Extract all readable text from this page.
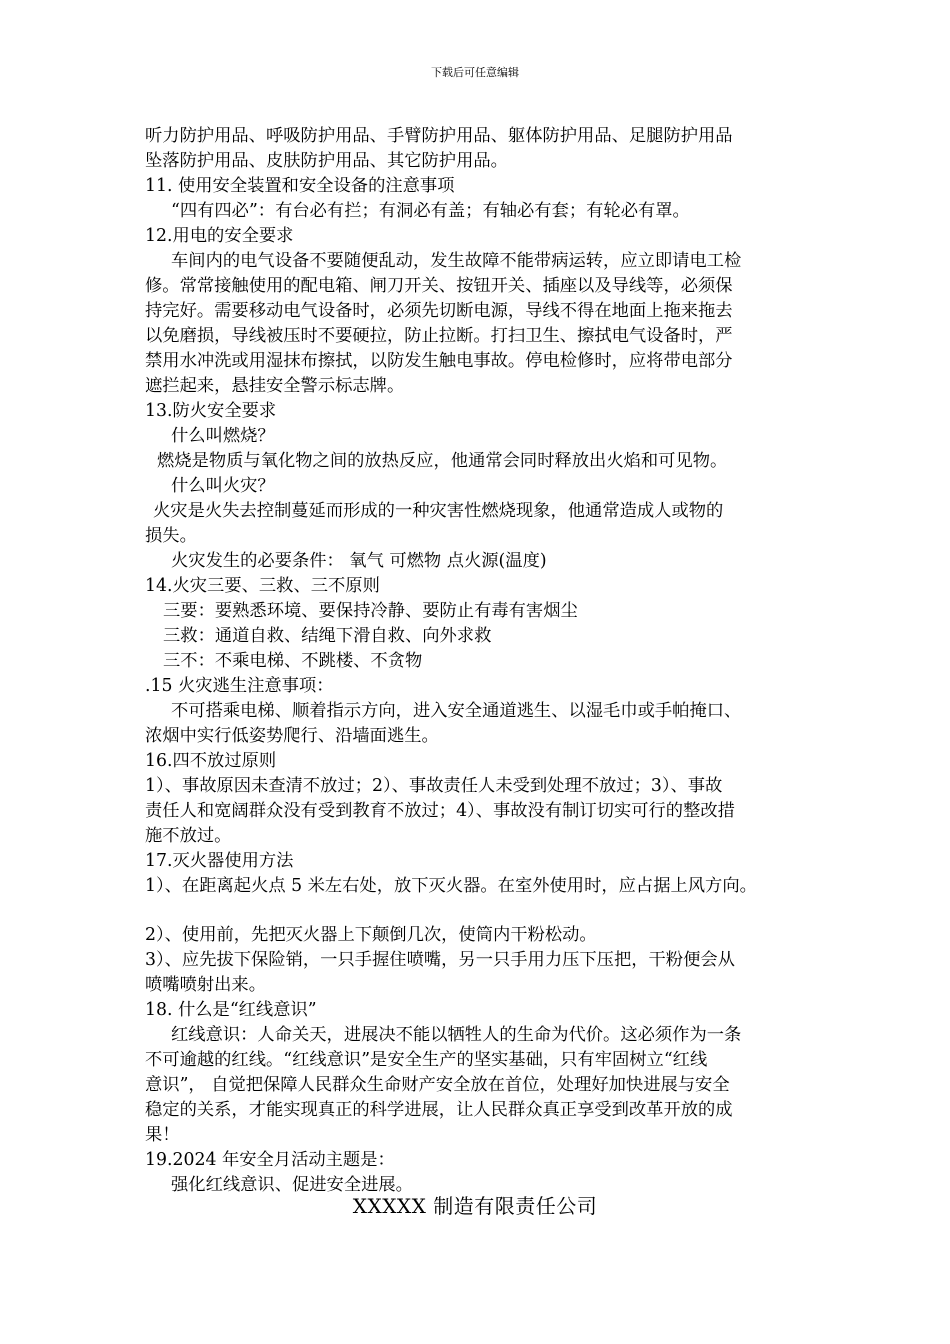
下载后可任意编辑
听力防护用品、呼吸防护用品、手臂防护用品、躯体防护用品、足腿防护用品
坠落防护用品、皮肤防护用品、其它防护用品。
11. 使用安全装置和安全设备的注意事项
“四有四必”：有台必有拦；有洞必有盖；有轴必有套；有轮必有罩。
12.用电的安全要求
车间内的电气设备不要随便乱动，发生故障不能带病运转，应立即请电工检
修。常常接触使用的配电箱、闸刀开关、按钮开关、插座以及导线等，必须保
持完好。需要移动电气设备时，必须先切断电源，导线不得在地面上拖来拖去
以免磨损，导线被压时不要硬拉，防止拉断。打扫卫生、擦拭电气设备时，严
禁用水冲洗或用湿抹布擦拭，以防发生触电事故。停电检修时，应将带电部分
遮拦起来，悬挂安全警示标志牌。
13.防火安全要求
什么叫燃烧？
燃烧是物质与氧化物之间的放热反应，他通常会同时释放出火焰和可见物。
什么叫火灾？
火灾是火失去控制蔓延而形成的一种灾害性燃烧现象，他通常造成人或物的
损失。
火灾发生的必要条件： 氧气 可燃物 点火源(温度)
14.火灾三要、三救、三不原则
三要：要熟悉环境、要保持冷静、要防止有毒有害烟尘
三救：通道自救、结绳下滑自救、向外求救
三不：不乘电梯、不跳楼、不贪物
.15 火灾逃生注意事项：
不可搭乘电梯、顺着指示方向，进入安全通道逃生、以湿毛巾或手帕掩口、
浓烟中实行低姿势爬行、沿墙面逃生。
16.四不放过原则
1）、事故原因未查清不放过；2）、事故责任人未受到处理不放过；3）、事故
责任人和宽阔群众没有受到教育不放过；4）、事故没有制订切实可行的整改措
施不放过。
17.灭火器使用方法
1）、在距离起火点 5 米左右处，放下灭火器。在室外使用时，应占据上风方向。
2）、使用前，先把灭火器上下颠倒几次，使筒内干粉松动。
3）、应先拔下保险销，一只手握住喷嘴，另一只手用力压下压把，干粉便会从
喷嘴喷射出来。
18. 什么是“红线意识”
红线意识：人命关天，进展决不能以牺牲人的生命为代价。这必须作为一条
不可逾越的红线。“红线意识”是安全生产的坚实基础，只有牢固树立“红线
意识”， 自觉把保障人民群众生命财产安全放在首位，处理好加快进展与安全
稳定的关系，才能实现真正的科学进展，让人民群众真正享受到改革开放的成
果！
19.2024 年安全月活动主题是：
强化红线意识、促进安全进展。
XXXXX 制造有限责任公司
